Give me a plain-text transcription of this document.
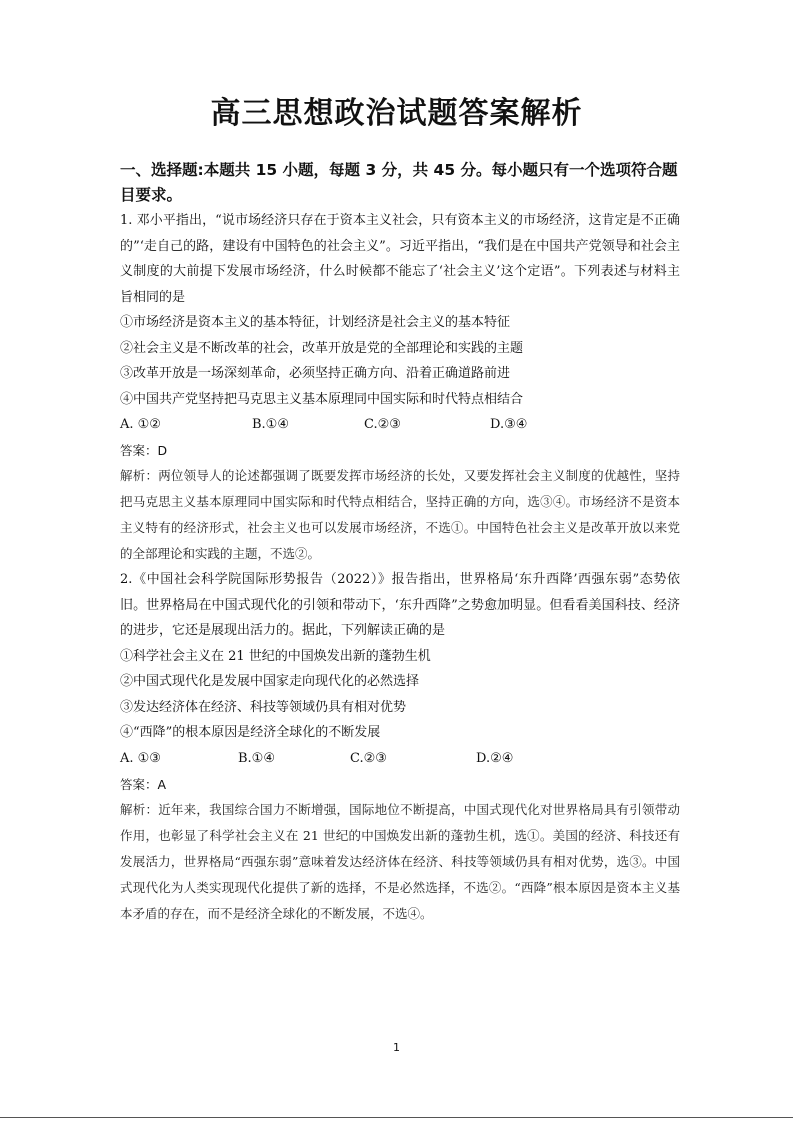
高三思想政治试题答案解析
一、选择题:本题共 15 小题，每题 3 分，共 45 分。每小题只有一个选项符合题目要求。
1. 邓小平指出，“说市场经济只存在于资本主义社会，只有资本主义的市场经济，这肯定是不正确的”‘走自己的路，建设有中国特色的社会主义”。习近平指出，“我们是在中国共产党领导和社会主义制度的大前提下发展市场经济，什么时候都不能忘了‘社会主义’这个定语”。下列表述与材料主旨相同的是
①市场经济是资本主义的基本特征，计划经济是社会主义的基本特征
②社会主义是不断改革的社会，改革开放是党的全部理论和实践的主题
③改革开放是一场深刻革命，必须坚持正确方向、沿着正确道路前进
④中国共产党坚持把马克思主义基本原理同中国实际和时代特点相结合
A. ①②	B.①④	C.②③	D.③④
答案：D
解析：两位领导人的论述都强调了既要发挥市场经济的长处，又要发挥社会主义制度的优越性，坚持把马克思主义基本原理同中国实际和时代特点相结合，坚持正确的方向，选③④。市场经济不是资本主义特有的经济形式，社会主义也可以发展市场经济，不选①。中国特色社会主义是改革开放以来党的全部理论和实践的主题，不选②。
2.《中国社会科学院国际形势报告（2022）》报告指出，世界格局‘东升西降’西强东弱”态势依旧。世界格局在中国式现代化的引领和带动下，‘东升西降”之势愈加明显。但看看美国科技、经济的进步，它还是展现出活力的。据此，下列解读正确的是
①科学社会主义在 21 世纪的中国焕发出新的蓬勃生机
②中国式现代化是发展中国家走向现代化的必然选择
③发达经济体在经济、科技等领域仍具有相对优势
④“西降”的根本原因是经济全球化的不断发展
A. ①③	B.①④	C.②③	D.②④
答案：A
解析：近年来，我国综合国力不断增强，国际地位不断提高，中国式现代化对世界格局具有引领带动作用，也彰显了科学社会主义在 21 世纪的中国焕发出新的蓬勃生机，选①。美国的经济、科技还有发展活力，世界格局“西强东弱”意味着发达经济体在经济、科技等领域仍具有相对优势，选③。中国式现代化为人类实现现代化提供了新的选择，不是必然选择，不选②。“西降”根本原因是资本主义基本矛盾的存在，而不是经济全球化的不断发展，不选④。
1
